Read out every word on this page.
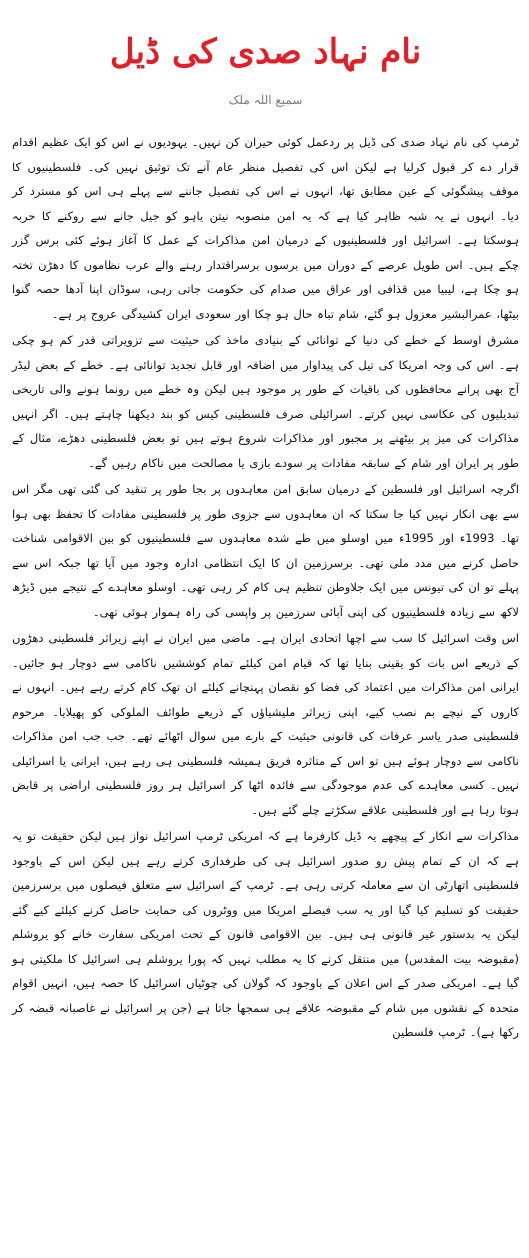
نام نہاد صدی کی ڈیل
سمیع اللہ ملک

ٹرمپ کی نام نہاد صدی کی ڈیل پر ردعمل کوئی حیران کن نہیں۔ یہودیوں نے اس کو ایک عظیم اقدام قرار دے کر قبول کرلیا ہے لیکن اس کی تفصیل منظر عام آنے تک توثیق نہیں کی۔ فلسطینیوں کا موقف پیشگوئی کے عین مطابق تھا، انہوں نے اس کی تفصیل جاننے سے پہلے ہی اس کو مسترد کر دیا۔ انہوں نے یہ شبہ ظاہر کیا ہے کہ یہ امن منصوبہ نیتن یاہو کو جیل جانے سے روکنے کا حربہ ہوسکتا ہے۔ اسرائیل اور فلسطینیوں کے درمیان امن مذاکرات کے عمل کا آغاز ہوئے کئی برس گزر چکے ہیں۔ اس طویل عرصے کے دوران میں برسوں برسراقتدار رہنے والے عرب نظاموں کا دھڑن تختہ ہو چکا ہے، لیبیا میں قذافی اور عراق میں صدام کی حکومت جاتی رہی، سوڈان اپنا آدھا حصہ گنوا بیٹھا، عمرالبشیر معزول ہو گئے، شام تباہ حال ہو چکا اور سعودی ایران کشیدگی عروج پر ہے۔

مشرق اوسط کے خطے کی دنیا کے توانائی کے بنیادی ماخذ کی حیثیت سے تزویراتی قدر کم ہو چکی ہے۔ اس کی وجہ امریکا کی تیل کی پیداوار میں اضافہ اور قابل تجدید توانائی ہے۔ خطے کے بعض لیڈر آج بھی پرانے محافظوں کی باقیات کے طور پر موجود ہیں لیکن وہ خطے میں رونما ہونے والی تاریخی تبدیلیوں کی عکاسی نہیں کرتے۔ اسرائیلی صرف فلسطینی کیس کو بند دیکھنا چاہتے ہیں۔ اگر انہیں مذاکرات کی میز پر بیٹھنے پر مجبور اور مذاکرات شروع ہوتے ہیں تو بعض فلسطینی دھڑے، مثال کے طور پر ایران اور شام کے سابقہ مفادات پر سودے بازی یا مصالحت میں ناکام رہیں گے۔

اگرچہ اسرائیل اور فلسطین کے درمیان سابق امن معاہدوں پر بجا طور پر تنقید کی گئی تھی مگر اس سے بھی انکار نہیں کیا جا سکتا کہ ان معاہدوں سے جزوی طور پر فلسطینی مفادات کا تحفظ بھی ہوا تھا۔ 1993ء اور 1995ء میں اوسلو میں طے شدہ معاہدوں سے فلسطینیوں کو بین الاقوامی شناخت حاصل کرنے میں مدد ملی تھی۔ برسرزمین ان کا ایک انتظامی ادارہ وجود میں آیا تھا جبکہ اس سے پہلے تو ان کی تیونس میں ایک جلاوطن تنظیم ہی کام کر رہی تھی۔ اوسلو معاہدے کے نتیجے میں ڈیڑھ لاکھ سے زیادہ فلسطینیوں کی اپنی آبائی سرزمین پر واپسی کی راہ ہموار ہوئی تھی۔

اس وقت اسرائیل کا سب سے اچھا اتحادی ایران ہے۔ ماضی میں ایران نے اپنے زیراثر فلسطینی دھڑوں کے ذریعے اس بات کو یقینی بنایا تھا کہ قیام امن کیلئے تمام کوششیں ناکامی سے دوچار ہو جائیں۔ ایرانی امن مذاکرات میں اعتماد کی فضا کو نقصان پہنچانے کیلئے ان تھک کام کرتے رہے ہیں۔ انہوں نے کاروں کے نیچے بم نصب کیے، اپنی زیراثر ملیشیاؤں کے ذریعے طوائف الملوکی کو پھیلایا۔ مرحوم فلسطینی صدر یاسر عرفات کی قانونی حیثیت کے بارے میں سوال اٹھائے تھے۔ جب جب امن مذاکرات ناکامی سے دوچار ہوئے ہیں تو اس کے متاثرہ فریق ہمیشہ فلسطینی ہی رہے ہیں، ایرانی یا اسرائیلی نہیں۔ کسی معاہدے کی عدم موجودگی سے فائدہ اٹھا کر اسرائیل ہر روز فلسطینی اراضی پر قابض ہوتا رہا ہے اور فلسطینی علاقے سکڑتے چلے گئے ہیں۔

مذاکرات سے انکار کے پیچھے یہ ڈیل کارفرما ہے کہ امریکی ٹرمپ اسرائیل نواز ہیں لیکن حقیقت تو یہ ہے کہ ان کے تمام پیش رو صدور اسرائیل ہی کی طرفداری کرتے رہے ہیں لیکن اس کے باوجود فلسطینی اتھارٹی ان سے معاملہ کرتی رہی ہے۔ ٹرمپ کے اسرائیل سے متعلق فیصلوں میں برسرزمین حقیقت کو تسلیم کیا گیا اور یہ سب فیصلے امریکا میں ووٹروں کی حمایت حاصل کرنے کیلئے کیے گئے لیکن یہ بدستور غیر قانونی ہی ہیں۔ بین الاقوامی قانون کے تحت امریکی سفارت خانے کو یروشلم (مقبوضہ بیت المقدس) میں منتقل کرنے کا یہ مطلب نہیں کہ پورا یروشلم ہی اسرائیل کا ملکیتی ہو گیا ہے۔ امریکی صدر کے اس اعلان کے باوجود کہ گولان کی چوٹیاں اسرائیل کا حصہ ہیں، انہیں اقوام متحدہ کے نقشوں میں شام کے مقبوضہ علاقے ہی سمجھا جاتا ہے (جن پر اسرائیل نے غاصبانہ قبضہ کر رکھا ہے)۔ ٹرمپ فلسطین
